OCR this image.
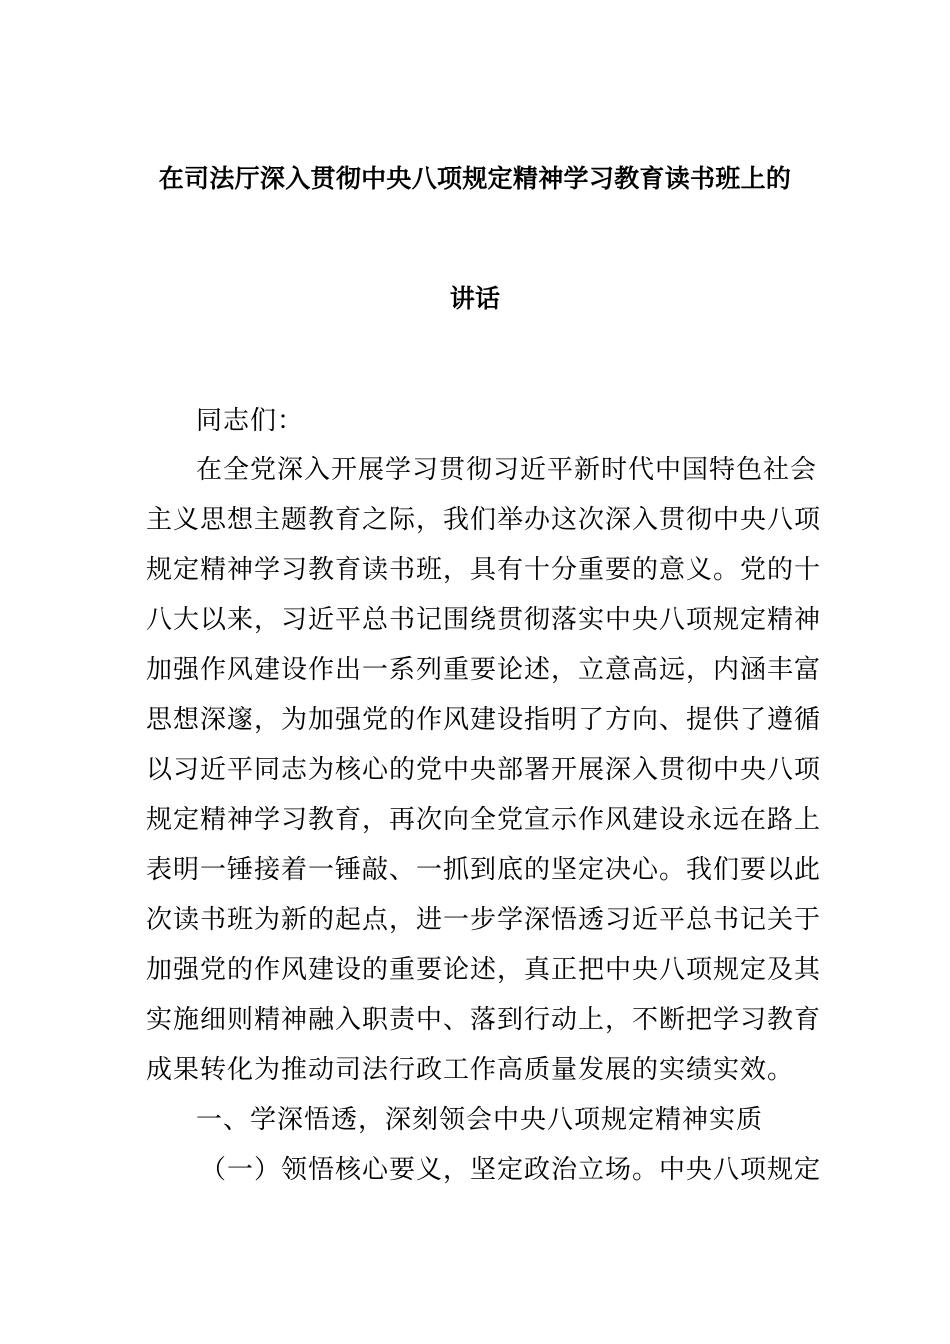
在司法厅深入贯彻中央八项规定精神学习教育读书班上的
讲话
同志们：
在全党深入开展学习贯彻习近平新时代中国特色社会
主义思想主题教育之际，我们举办这次深入贯彻中央八项
规定精神学习教育读书班，具有十分重要的意义。党的十
八大以来，习近平总书记围绕贯彻落实中央八项规定精神
加强作风建设作出一系列重要论述，立意高远，内涵丰富
思想深邃，为加强党的作风建设指明了方向、提供了遵循
以习近平同志为核心的党中央部署开展深入贯彻中央八项
规定精神学习教育，再次向全党宣示作风建设永远在路上
表明一锤接着一锤敲、一抓到底的坚定决心。我们要以此
次读书班为新的起点，进一步学深悟透习近平总书记关于
加强党的作风建设的重要论述，真正把中央八项规定及其
实施细则精神融入职责中、落到行动上，不断把学习教育
成果转化为推动司法行政工作高质量发展的实绩实效。
一、学深悟透，深刻领会中央八项规定精神实质
（一）领悟核心要义，坚定政治立场。中央八项规定
